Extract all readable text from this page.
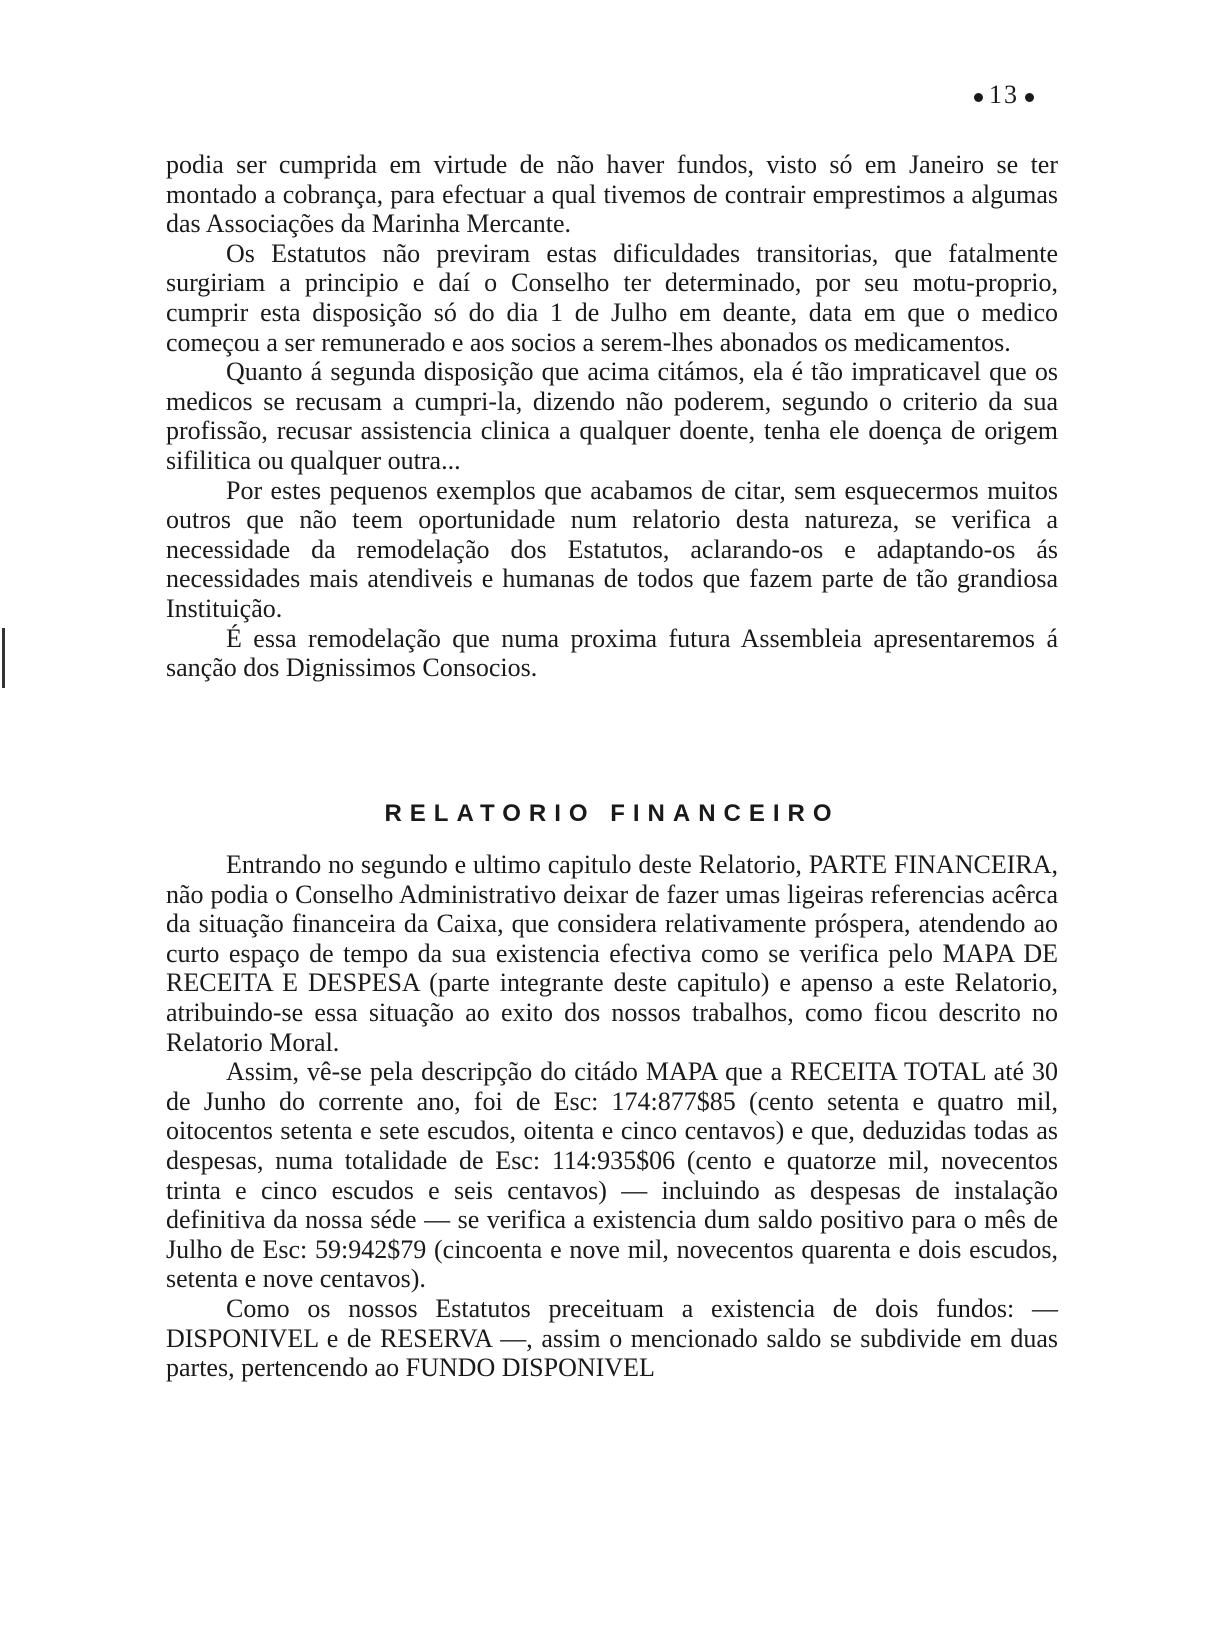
13

podia ser cumprida em virtude de não haver fundos, visto só em Janeiro se ter montado a cobrança, para efectuar a qual tivemos de contrair emprestimos a algumas das Associações da Marinha Mercante.

Os Estatutos não previram estas dificuldades transitorias, que fatalmente surgiriam a principio e daí o Conselho ter determinado, por seu motu-proprio, cumprir esta disposição só do dia 1 de Julho em deante, data em que o medico começou a ser remunerado e aos socios a serem-lhes abonados os medicamentos.

Quanto á segunda disposição que acima citámos, ela é tão impraticavel que os medicos se recusam a cumpri-la, dizendo não poderem, segundo o criterio da sua profissão, recusar assistencia clinica a qualquer doente, tenha ele doença de origem sifilitica ou qualquer outra...

Por estes pequenos exemplos que acabamos de citar, sem esquecermos muitos outros que não teem oportunidade num relatorio desta natureza, se verifica a necessidade da remodelação dos Estatutos, aclarando-os e adaptando-os ás necessidades mais atendiveis e humanas de todos que fazem parte de tão grandiosa Instituição.

É essa remodelação que numa proxima futura Assembleia apresentaremos á sanção dos Dignissimos Consocios.

RELATORIO FINANCEIRO

Entrando no segundo e ultimo capitulo deste Relatorio, PARTE FINANCEIRA, não podia o Conselho Administrativo deixar de fazer umas ligeiras referencias acêrca da situação financeira da Caixa, que considera relativamente próspera, atendendo ao curto espaço de tempo da sua existencia efectiva como se verifica pelo MAPA DE RECEITA E DESPESA (parte integrante deste capitulo) e apenso a este Relatorio, atribuindo-se essa situação ao exito dos nossos trabalhos, como ficou descrito no Relatorio Moral.

Assim, vê-se pela descripção do citádo MAPA que a RECEITA TOTAL até 30 de Junho do corrente ano, foi de Esc: 174:877$85 (cento setenta e quatro mil, oitocentos setenta e sete escudos, oitenta e cinco centavos) e que, deduzidas todas as despesas, numa totalidade de Esc: 114:935$06 (cento e quatorze mil, novecentos trinta e cinco escudos e seis centavos) — incluindo as despesas de instalação definitiva da nossa séde — se verifica a existencia dum saldo positivo para o mês de Julho de Esc: 59:942$79 (cincoenta e nove mil, novecentos quarenta e dois escudos, setenta e nove centavos).

Como os nossos Estatutos preceituam a existencia de dois fundos: — DISPONIVEL e de RESERVA —, assim o mencionado saldo se subdivide em duas partes, pertencendo ao FUNDO DISPONIVEL
